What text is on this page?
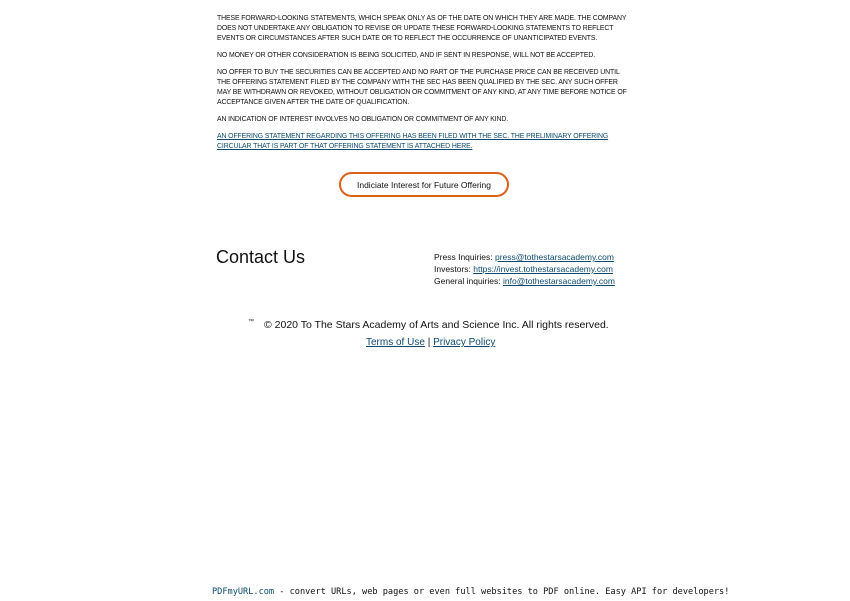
THESE FORWARD-LOOKING STATEMENTS, WHICH SPEAK ONLY AS OF THE DATE ON WHICH THEY ARE MADE. THE COMPANY DOES NOT UNDERTAKE ANY OBLIGATION TO REVISE OR UPDATE THESE FORWARD-LOOKING STATEMENTS TO REFLECT EVENTS OR CIRCUMSTANCES AFTER SUCH DATE OR TO REFLECT THE OCCURRENCE OF UNANTICIPATED EVENTS.

NO MONEY OR OTHER CONSIDERATION IS BEING SOLICITED, AND IF SENT IN RESPONSE, WILL NOT BE ACCEPTED.

NO OFFER TO BUY THE SECURITIES CAN BE ACCEPTED AND NO PART OF THE PURCHASE PRICE CAN BE RECEIVED UNTIL THE OFFERING STATEMENT FILED BY THE COMPANY WITH THE SEC HAS BEEN QUALIFIED BY THE SEC. ANY SUCH OFFER MAY BE WITHDRAWN OR REVOKED, WITHOUT OBLIGATION OR COMMITMENT OF ANY KIND, AT ANY TIME BEFORE NOTICE OF ACCEPTANCE GIVEN AFTER THE DATE OF QUALIFICATION.

AN INDICATION OF INTEREST INVOLVES NO OBLIGATION OR COMMITMENT OF ANY KIND.

AN OFFERING STATEMENT REGARDING THIS OFFERING HAS BEEN FILED WITH THE SEC. THE PRELIMINARY OFFERING CIRCULAR THAT IS PART OF THAT OFFERING STATEMENT IS ATTACHED HERE.

Indiciate Interest for Future Offering
Contact Us	Press Inquiries: press@tothestarsacademy.com
Investors: https://invest.tothestarsacademy.com
General inquiries: info@tothestarsacademy.com
™ © 2020 To The Stars Academy of Arts and Science Inc. All rights reserved.
Terms of Use | Privacy Policy
PDFmyURL.com - convert URLs, web pages or even full websites to PDF online. Easy API for developers!
